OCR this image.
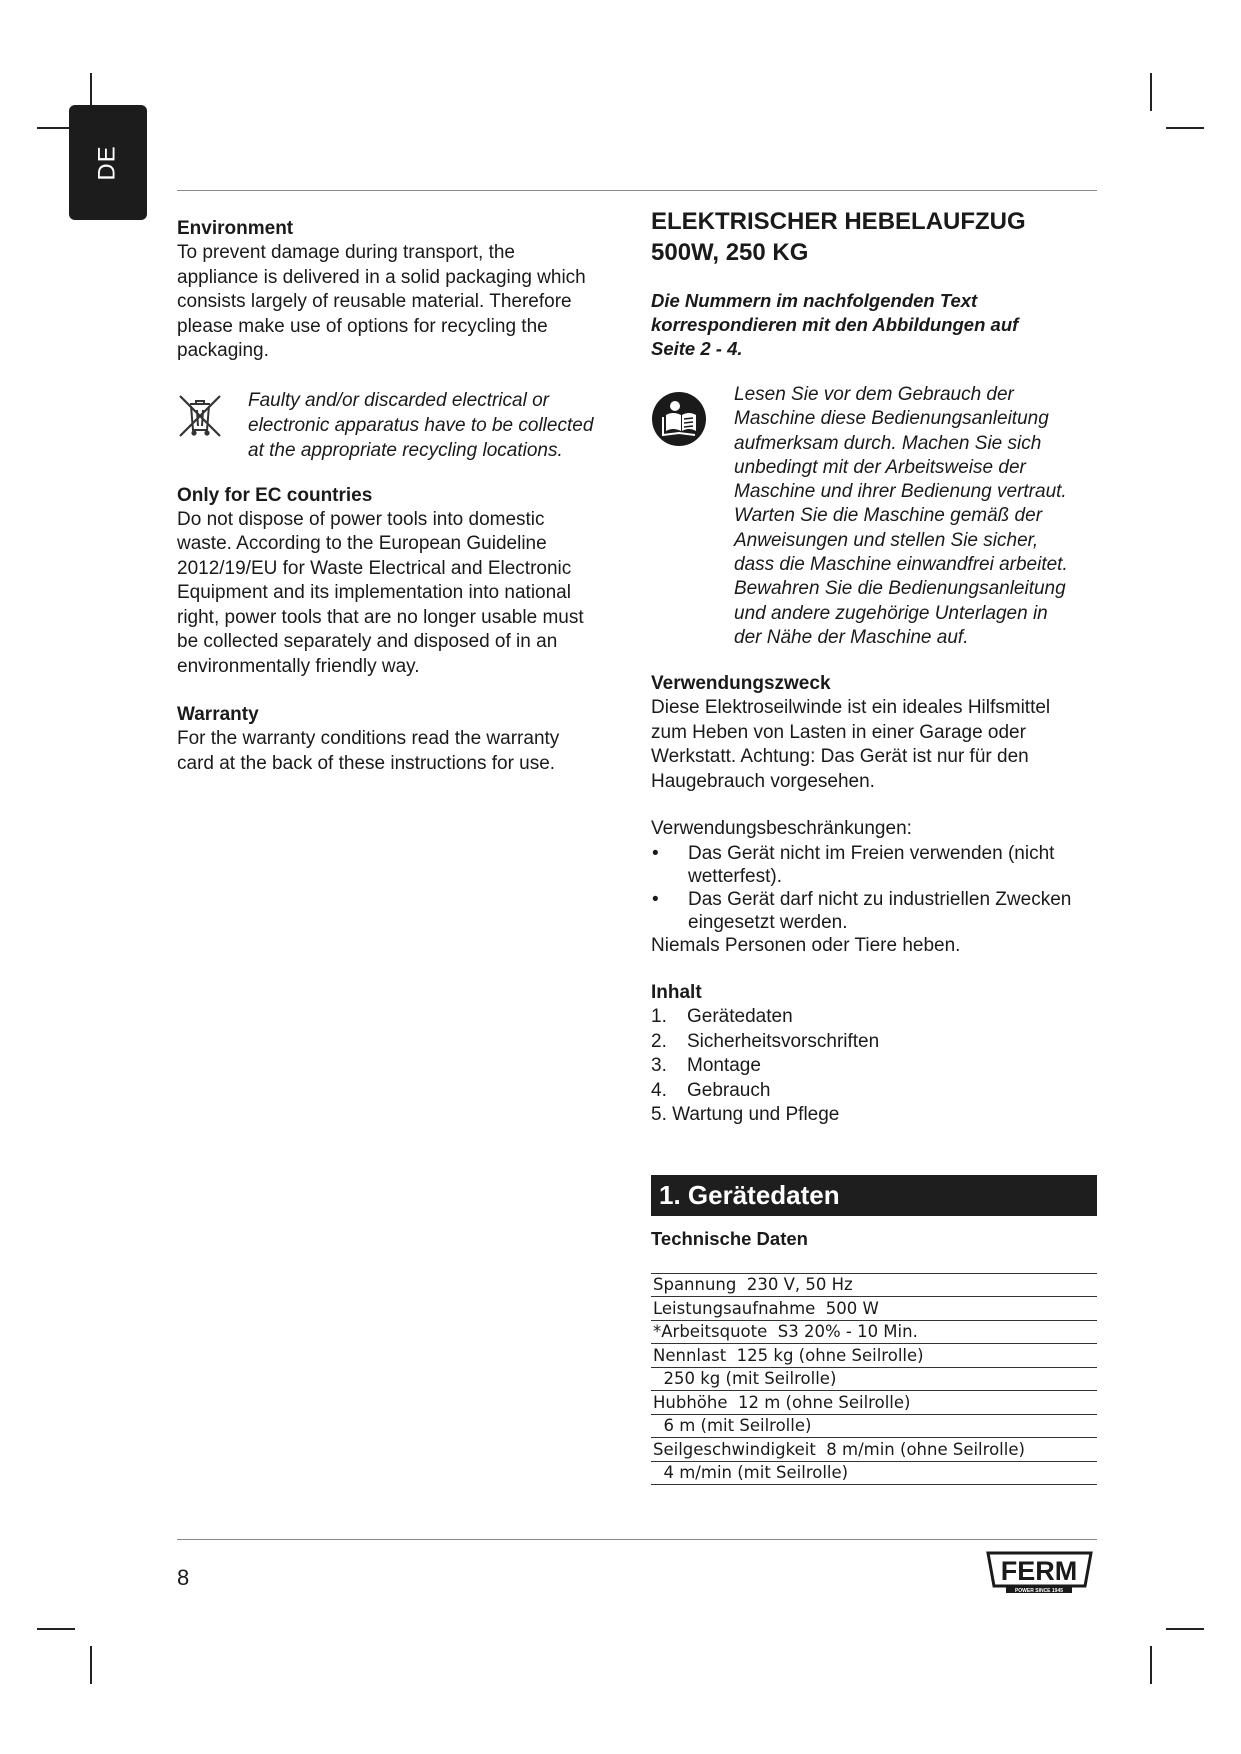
DE

Environment

To prevent damage during transport, the
appliance is delivered in a solid packaging which
consists largely of reusable material. Therefore
please make use of options for recycling the
packaging.

Faulty and/or discarded electrical or
electronic apparatus have to be collected
at the appropriate recycling locations.

Only for EC countries

Do not dispose of power tools into domestic
waste. According to the European Guideline
2012/19/EU for Waste Electrical and Electronic
Equipment and its implementation into national
right, power tools that are no longer usable must
be collected separately and disposed of in an
environmentally friendly way.

Warranty

For the warranty conditions read the warranty
card at the back of these instructions for use.

ELEKTRISCHER HEBELAUFZUG
500W, 250 KG

Die Nummern im nachfolgenden Text
korrespondieren mit den Abbildungen auf
Seite 2 - 4.

Lesen Sie vor dem Gebrauch der
Maschine diese Bedienungsanleitung
aufmerksam durch. Machen Sie sich
unbedingt mit der Arbeitsweise der
Maschine und ihrer Bedienung vertraut.
Warten Sie die Maschine gemäß der
Anweisungen und stellen Sie sicher,
dass die Maschine einwandfrei arbeitet.
Bewahren Sie die Bedienungsanleitung
und andere zugehörige Unterlagen in
der Nähe der Maschine auf.

Verwendungszweck

Diese Elektroseilwinde ist ein ideales Hilfsmittel
zum Heben von Lasten in einer Garage oder
Werkstatt. Achtung: Das Gerät ist nur für den
Haugebrauch vorgesehen.

Verwendungsbeschränkungen:

• Das Gerät nicht im Freien verwenden (nicht
wetterfest).
• Das Gerät darf nicht zu industriellen Zwecken
eingesetzt werden.

Niemals Personen oder Tiere heben.

Inhalt

1.	Gerätedaten
2.	Sicherheitsvorschriften
3.	Montage
4.	Gebrauch
5. Wartung und Pflege
1. Gerätedaten

Technische Daten

Spannung  230 V, 50 Hz
Leistungsaufnahme  500 W
*Arbeitsquote  S3 20% - 10 Min.
Nennlast  125 kg (ohne Seilrolle)
250 kg (mit Seilrolle)
Hubhöhe  12 m (ohne Seilrolle)
6 m (mit Seilrolle)
Seilgeschwindigkeit  8 m/min (ohne Seilrolle)
4 m/min (mit Seilrolle)
8	FERM
POWER SINCE 1945
